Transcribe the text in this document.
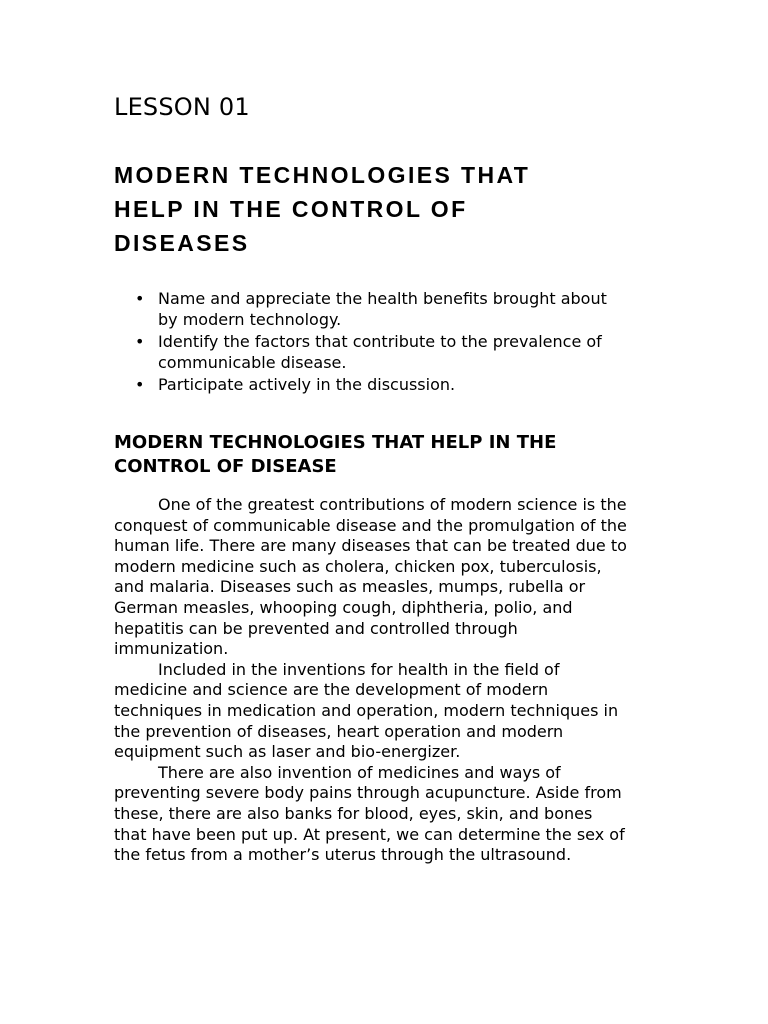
LESSON 01
MODERN TECHNOLOGIES THAT
HELP IN THE CONTROL OF
DISEASES
• Name and appreciate the health benefits brought about
by modern technology.
• Identify the factors that contribute to the prevalence of
communicable disease.
• Participate actively in the discussion.
MODERN TECHNOLOGIES THAT HELP IN THE
CONTROL OF DISEASE

One of the greatest contributions of modern science is the
conquest of communicable disease and the promulgation of the
human life. There are many diseases that can be treated due to
modern medicine such as cholera, chicken pox, tuberculosis,
and malaria. Diseases such as measles, mumps, rubella or
German measles, whooping cough, diphtheria, polio, and
hepatitis can be prevented and controlled through
immunization.

Included in the inventions for health in the field of
medicine and science are the development of modern
techniques in medication and operation, modern techniques in
the prevention of diseases, heart operation and modern
equipment such as laser and bio-energizer.

There are also invention of medicines and ways of
preventing severe body pains through acupuncture. Aside from
these, there are also banks for blood, eyes, skin, and bones
that have been put up. At present, we can determine the sex of
the fetus from a mother’s uterus through the ultrasound.
